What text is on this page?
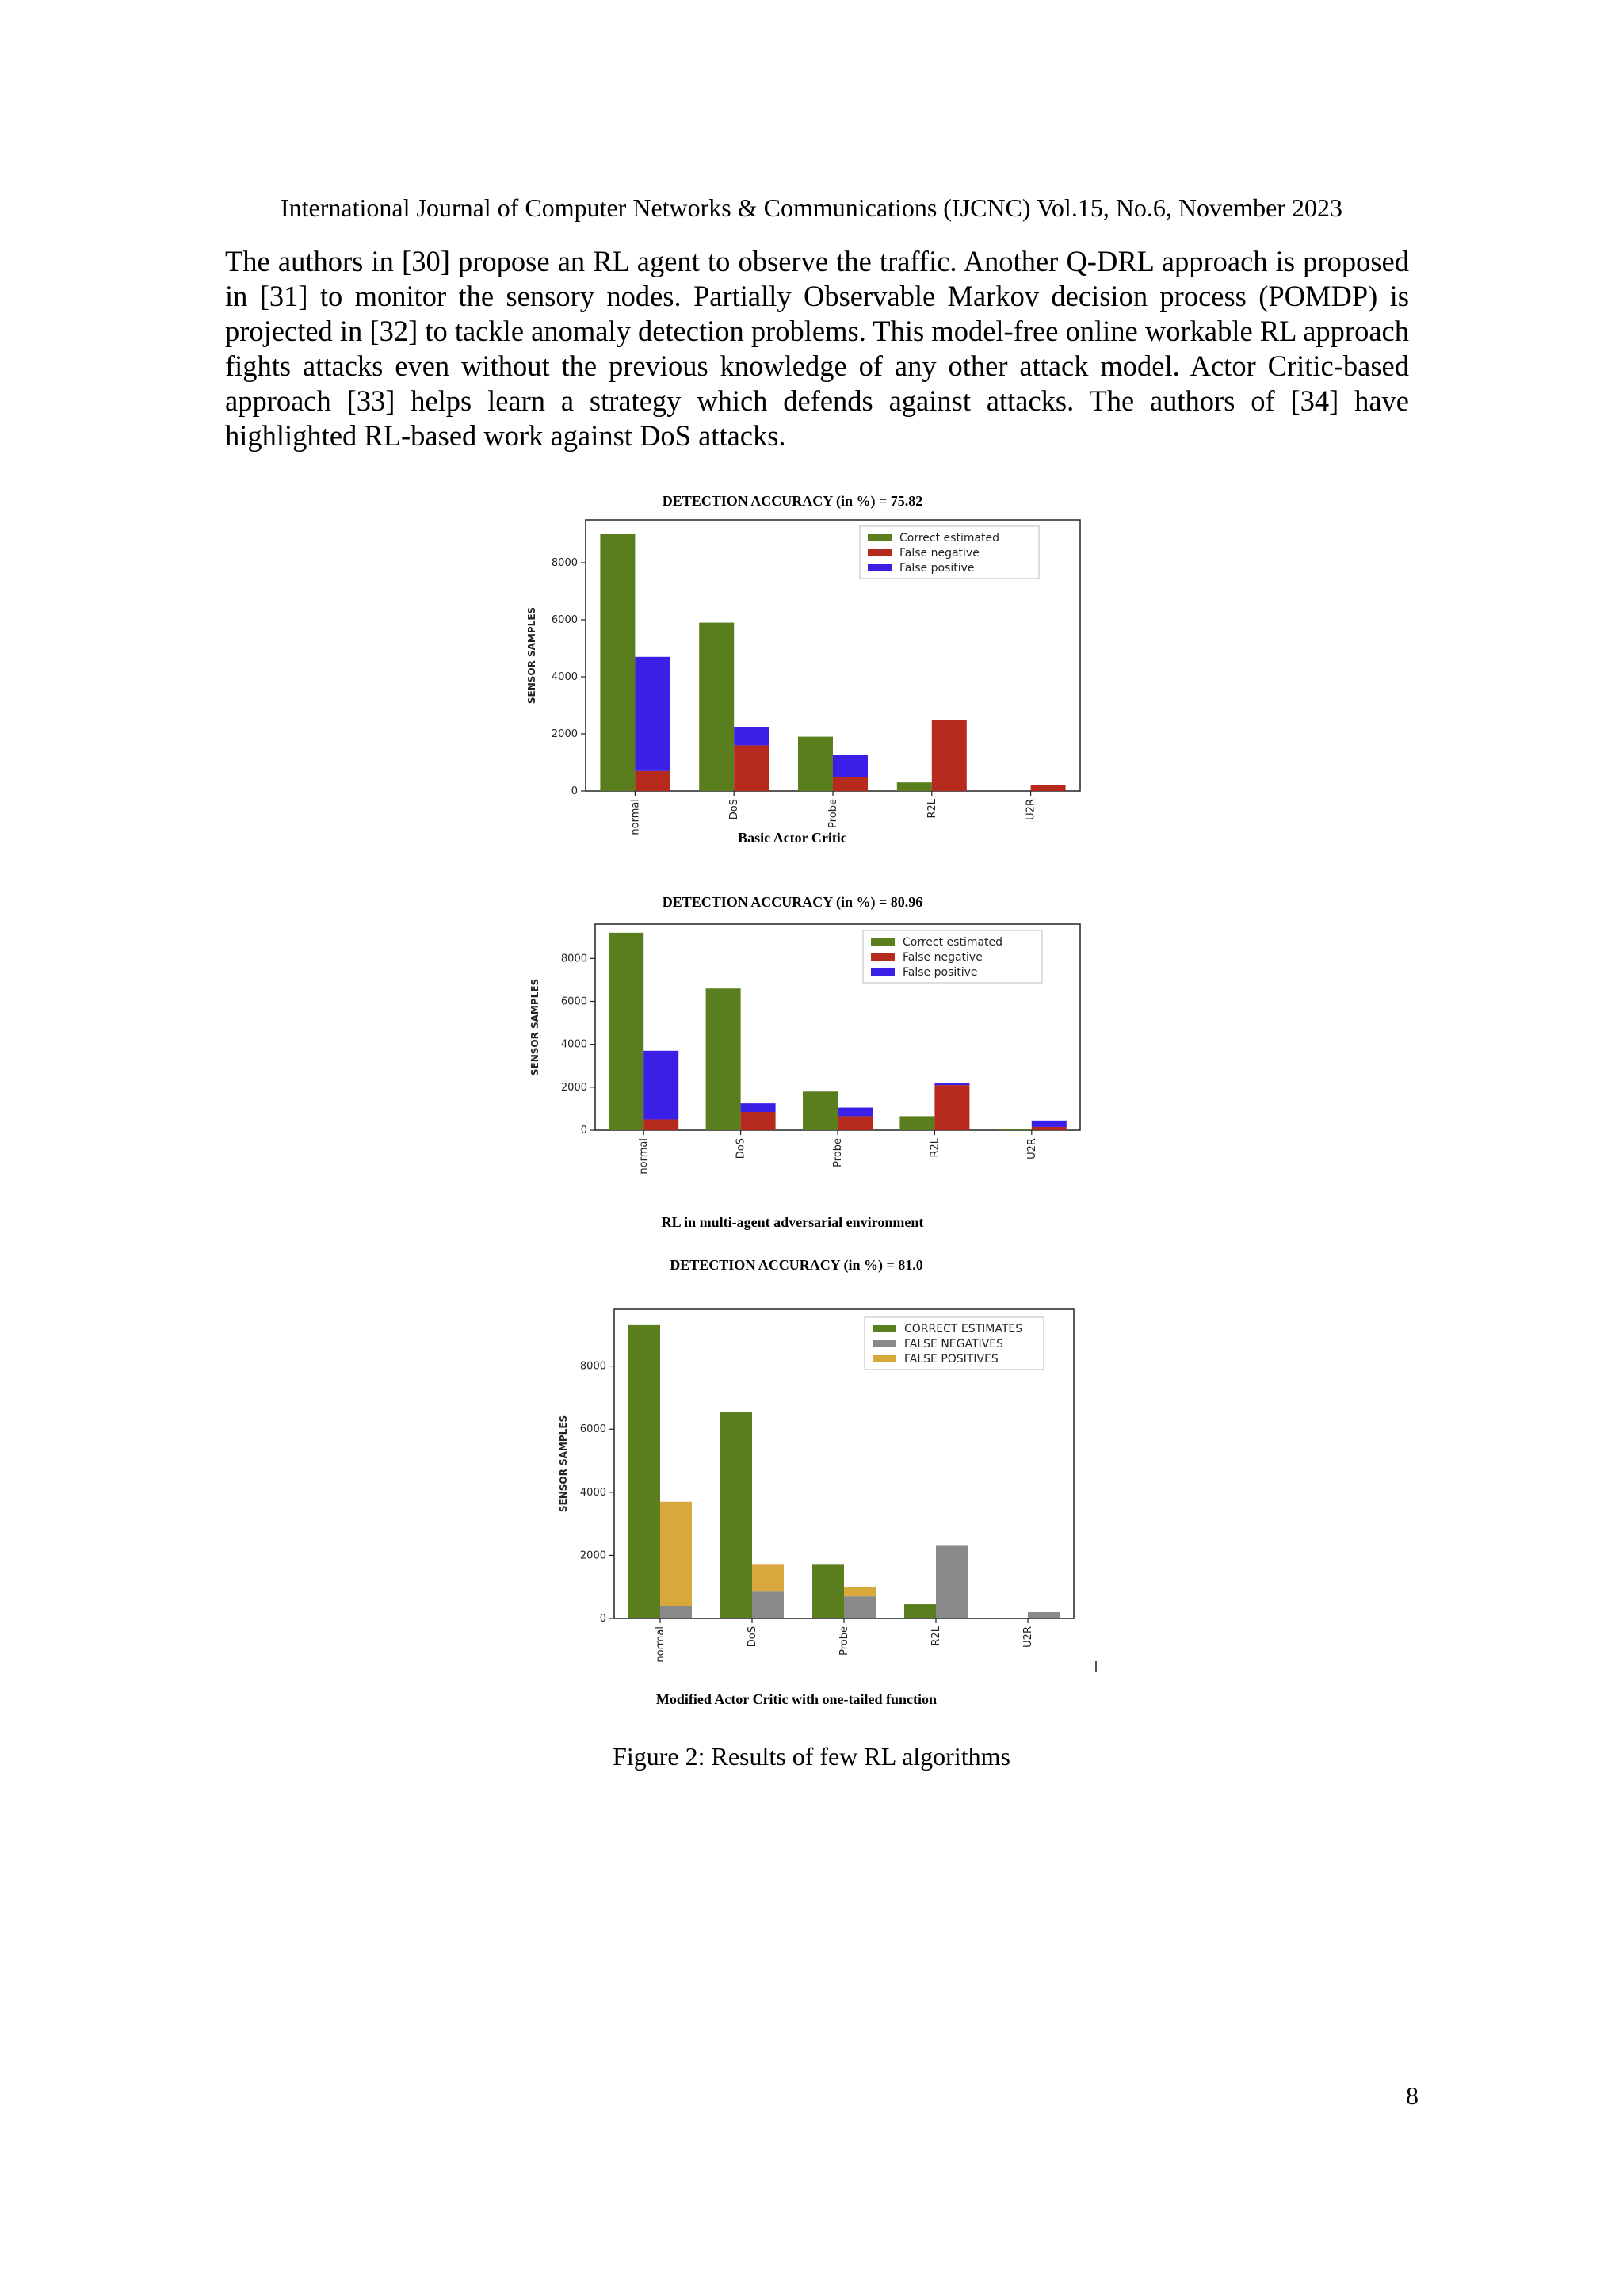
International Journal of Computer Networks & Communications (IJCNC) Vol.15, No.6, November 2023

The authors in [30] propose an RL agent to observe the traffic. Another Q-DRL approach is proposed in [31] to monitor the sensory nodes. Partially Observable Markov decision process (POMDP) is projected in [32] to tackle anomaly detection problems. This model-free online workable RL approach fights attacks even without the previous knowledge of any other attack model. Actor Critic-based approach [33] helps learn a strategy which defends against attacks. The authors of [34] have highlighted RL-based work against DoS attacks.

DETECTION ACCURACY (in %) = 75.82
0
2000
4000
6000
8000
SENSOR SAMPLES
normal	DoS	Probe	R2L	U2R
Basic Actor Critic
Correct estimated
False negative
False positive
DETECTION ACCURACY (in %) = 80.96
0
2000
4000
6000
8000
SENSOR SAMPLES
normal	DoS	Probe	R2L	U2R
RL in multi-agent adversarial environment
Correct estimated
False negative
False positive
DETECTION ACCURACY (in %) = 81.0
0
2000
4000
6000
8000
SENSOR SAMPLES
normal	DoS	Probe	R2L	U2R
Modified Actor Critic with one-tailed function
CORRECT ESTIMATES
FALSE NEGATIVES
FALSE POSITIVES
Figure 2: Results of few RL algorithms
8
